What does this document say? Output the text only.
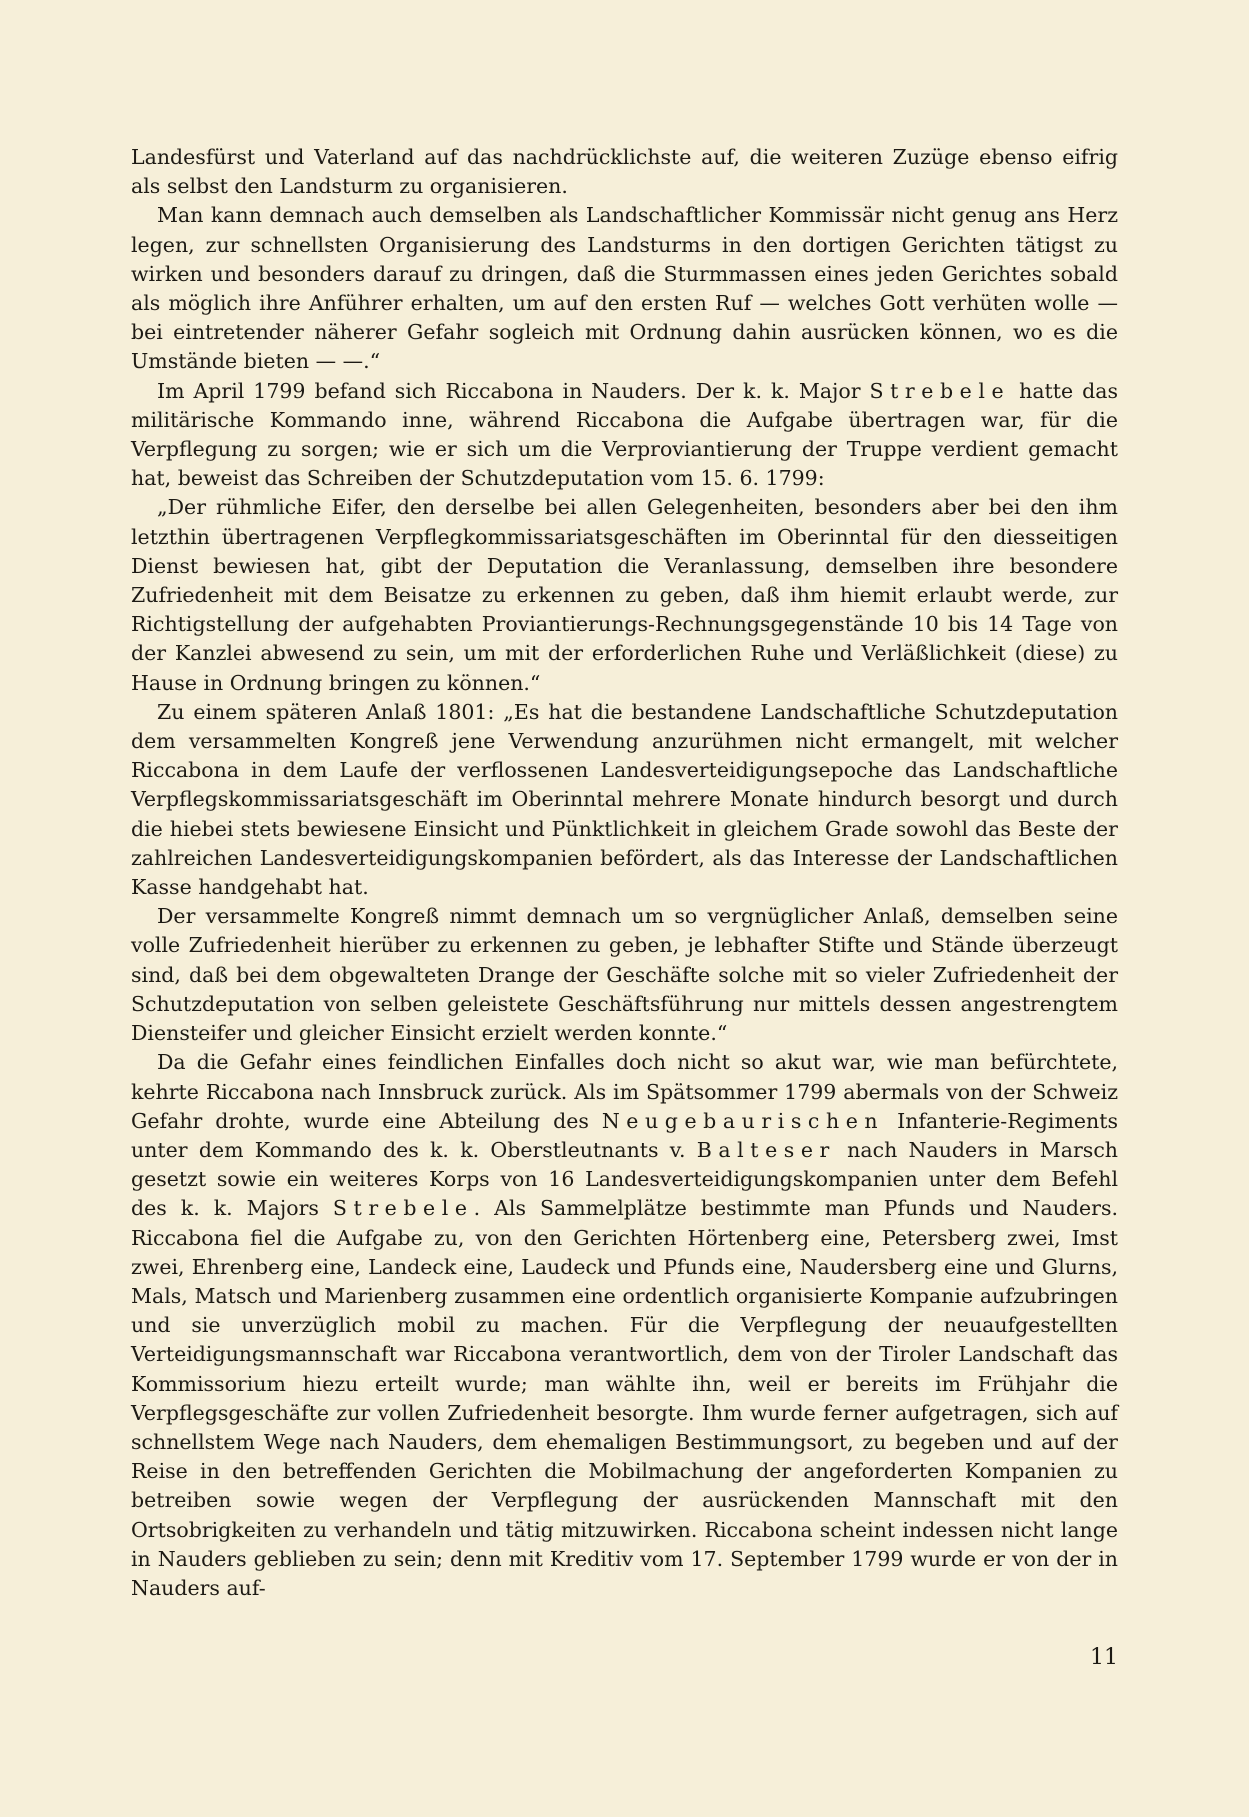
Landesfürst und Vaterland auf das nachdrücklichste auf, die weiteren Zuzüge ebenso eifrig als selbst den Landsturm zu organisieren.

Man kann demnach auch demselben als Landschaftlicher Kommissär nicht genug ans Herz legen, zur schnellsten Organisierung des Landsturms in den dortigen Gerichten tätigst zu wirken und besonders darauf zu dringen, daß die Sturmmassen eines jeden Gerichtes sobald als möglich ihre Anführer erhalten, um auf den ersten Ruf — welches Gott verhüten wolle — bei eintretender näherer Gefahr sogleich mit Ordnung dahin ausrücken können, wo es die Umstände bieten — —.“

Im April 1799 befand sich Riccabona in Nauders. Der k. k. Major Strebele hatte das militärische Kommando inne, während Riccabona die Aufgabe übertragen war, für die Verpflegung zu sorgen; wie er sich um die Verproviantierung der Truppe verdient gemacht hat, beweist das Schreiben der Schutzdeputation vom 15. 6. 1799:

„Der rühmliche Eifer, den derselbe bei allen Gelegenheiten, besonders aber bei den ihm letzthin übertragenen Verpflegkommissariatsgeschäften im Oberinntal für den diesseitigen Dienst bewiesen hat, gibt der Deputation die Veranlassung, demselben ihre besondere Zufriedenheit mit dem Beisatze zu erkennen zu geben, daß ihm hiemit erlaubt werde, zur Richtigstellung der aufgehabten Proviantierungs-Rechnungsgegenstände 10 bis 14 Tage von der Kanzlei abwesend zu sein, um mit der erforderlichen Ruhe und Verläßlichkeit (diese) zu Hause in Ordnung bringen zu können.“

Zu einem späteren Anlaß 1801: „Es hat die bestandene Landschaftliche Schutzdeputation dem versammelten Kongreß jene Verwendung anzurühmen nicht ermangelt, mit welcher Riccabona in dem Laufe der verflossenen Landesverteidigungsepoche das Landschaftliche Verpflegskommissariatsgeschäft im Oberinntal mehrere Monate hindurch besorgt und durch die hiebei stets bewiesene Einsicht und Pünktlichkeit in gleichem Grade sowohl das Beste der zahlreichen Landesverteidigungskompanien befördert, als das Interesse der Landschaftlichen Kasse handgehabt hat.

Der versammelte Kongreß nimmt demnach um so vergnüglicher Anlaß, demselben seine volle Zufriedenheit hierüber zu erkennen zu geben, je lebhafter Stifte und Stände überzeugt sind, daß bei dem obgewalteten Drange der Geschäfte solche mit so vieler Zufriedenheit der Schutzdeputation von selben geleistete Geschäftsführung nur mittels dessen angestrengtem Diensteifer und gleicher Einsicht erzielt werden konnte.“

Da die Gefahr eines feindlichen Einfalles doch nicht so akut war, wie man befürchtete, kehrte Riccabona nach Innsbruck zurück. Als im Spätsommer 1799 abermals von der Schweiz Gefahr drohte, wurde eine Abteilung des Neugebaurischen Infanterie-Regiments unter dem Kommando des k. k. Oberstleutnants v. Balteser nach Nauders in Marsch gesetzt sowie ein weiteres Korps von 16 Landesverteidigungskompanien unter dem Befehl des k. k. Majors Strebele. Als Sammelplätze bestimmte man Pfunds und Nauders. Riccabona fiel die Aufgabe zu, von den Gerichten Hörtenberg eine, Petersberg zwei, Imst zwei, Ehrenberg eine, Landeck eine, Laudeck und Pfunds eine, Naudersberg eine und Glurns, Mals, Matsch und Marienberg zusammen eine ordentlich organisierte Kompanie aufzubringen und sie unverzüglich mobil zu machen. Für die Verpflegung der neuaufgestellten Verteidigungsmannschaft war Riccabona verantwortlich, dem von der Tiroler Landschaft das Kommissorium hiezu erteilt wurde; man wählte ihn, weil er bereits im Frühjahr die Verpflegsgeschäfte zur vollen Zufriedenheit besorgte. Ihm wurde ferner aufgetragen, sich auf schnellstem Wege nach Nauders, dem ehemaligen Bestimmungsort, zu begeben und auf der Reise in den betreffenden Gerichten die Mobilmachung der angeforderten Kompanien zu betreiben sowie wegen der Verpflegung der ausrückenden Mannschaft mit den Ortsobrigkeiten zu verhandeln und tätig mitzuwirken. Riccabona scheint indessen nicht lange in Nauders geblieben zu sein; denn mit Kreditiv vom 17. September 1799 wurde er von der in Nauders auf-

11
